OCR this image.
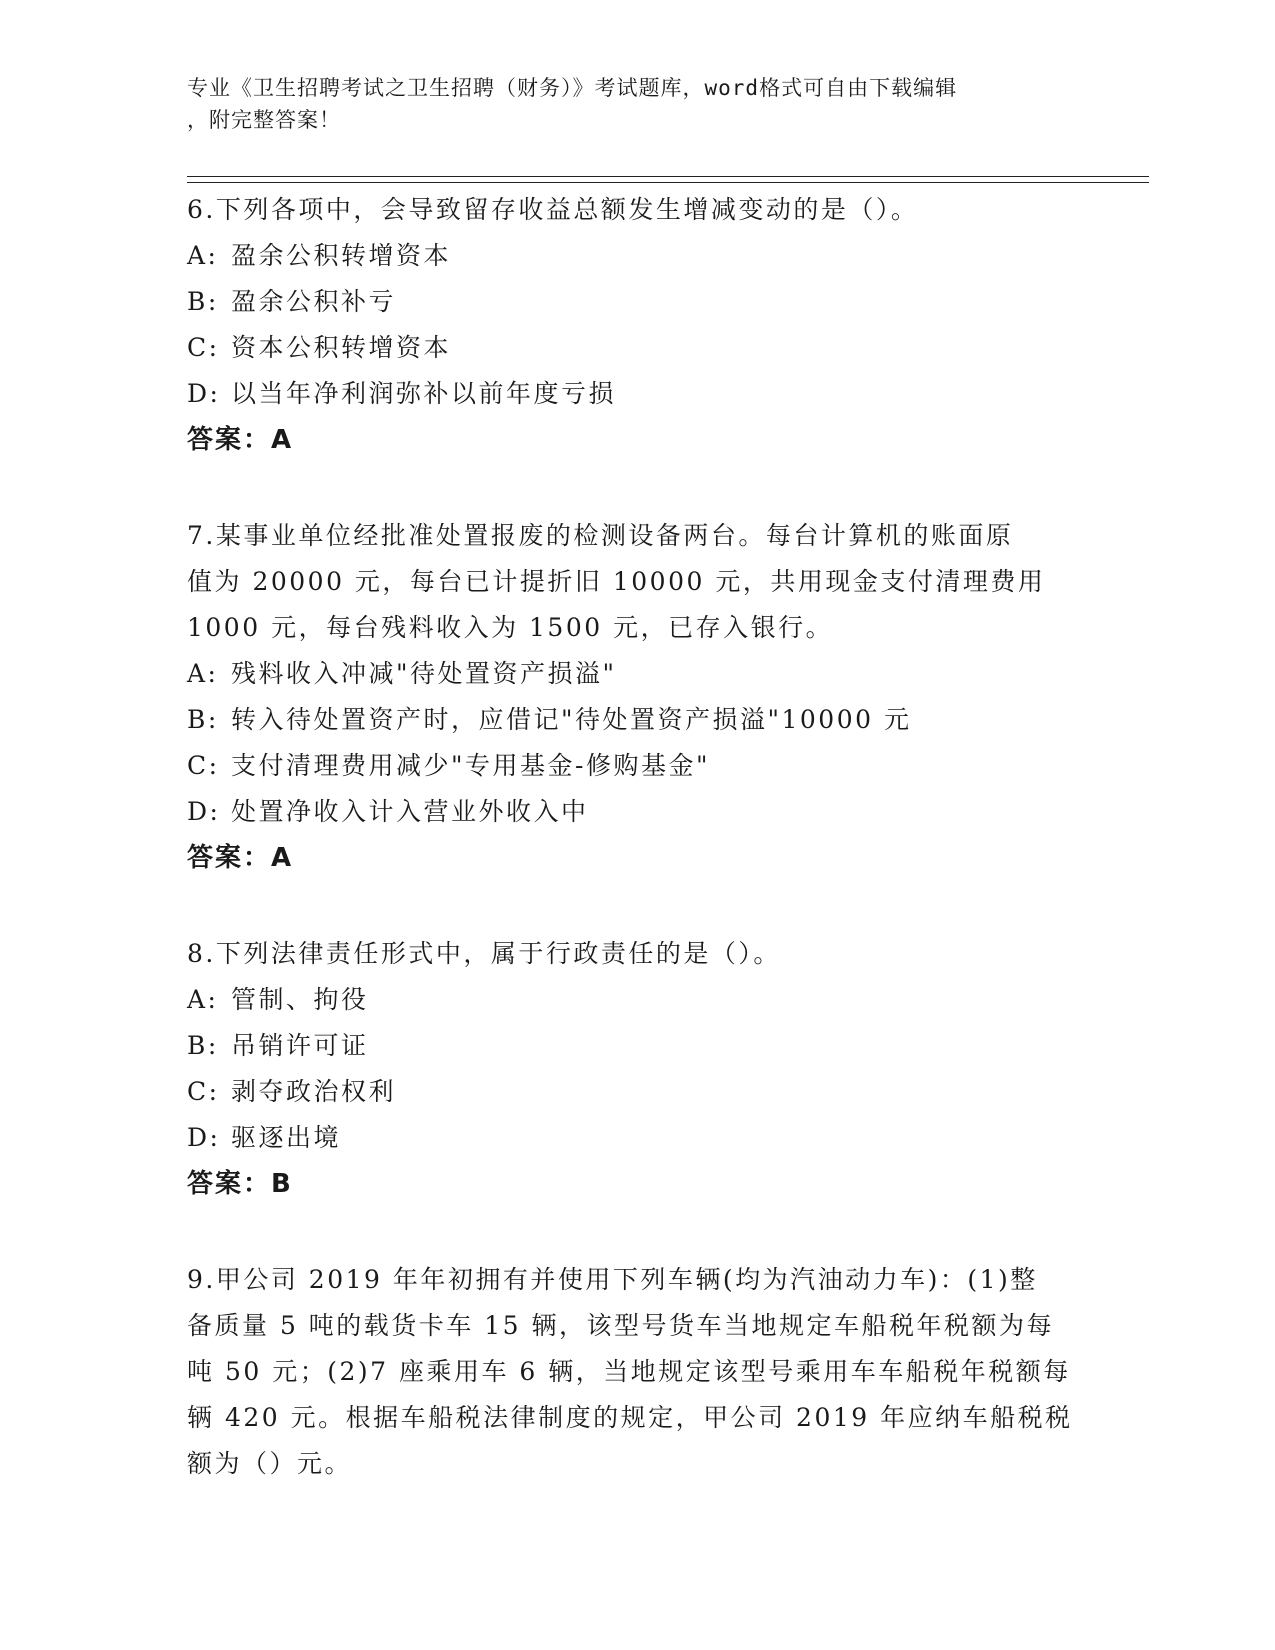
专业《卫生招聘考试之卫生招聘（财务）》考试题库，word格式可自由下载编辑
，附完整答案！
6.下列各项中，会导致留存收益总额发生增减变动的是（）。
A: 盈余公积转增资本
B: 盈余公积补亏
C: 资本公积转增资本
D: 以当年净利润弥补以前年度亏损
答案：A
7.某事业单位经批准处置报废的检测设备两台。每台计算机的账面原
值为 20000 元，每台已计提折旧 10000 元，共用现金支付清理费用
1000 元，每台残料收入为 1500 元，已存入银行。
A: 残料收入冲减"待处置资产损溢"
B: 转入待处置资产时，应借记"待处置资产损溢"10000 元
C: 支付清理费用减少"专用基金-修购基金"
D: 处置净收入计入营业外收入中
答案：A
8.下列法律责任形式中，属于行政责任的是（）。
A: 管制、拘役
B: 吊销许可证
C: 剥夺政治权利
D: 驱逐出境
答案：B
9.甲公司 2019 年年初拥有并使用下列车辆(均为汽油动力车)：(1)整
备质量 5 吨的载货卡车 15 辆，该型号货车当地规定车船税年税额为每
吨 50 元；(2)7 座乘用车 6 辆，当地规定该型号乘用车车船税年税额每
辆 420 元。根据车船税法律制度的规定，甲公司 2019 年应纳车船税税
额为（）元。
